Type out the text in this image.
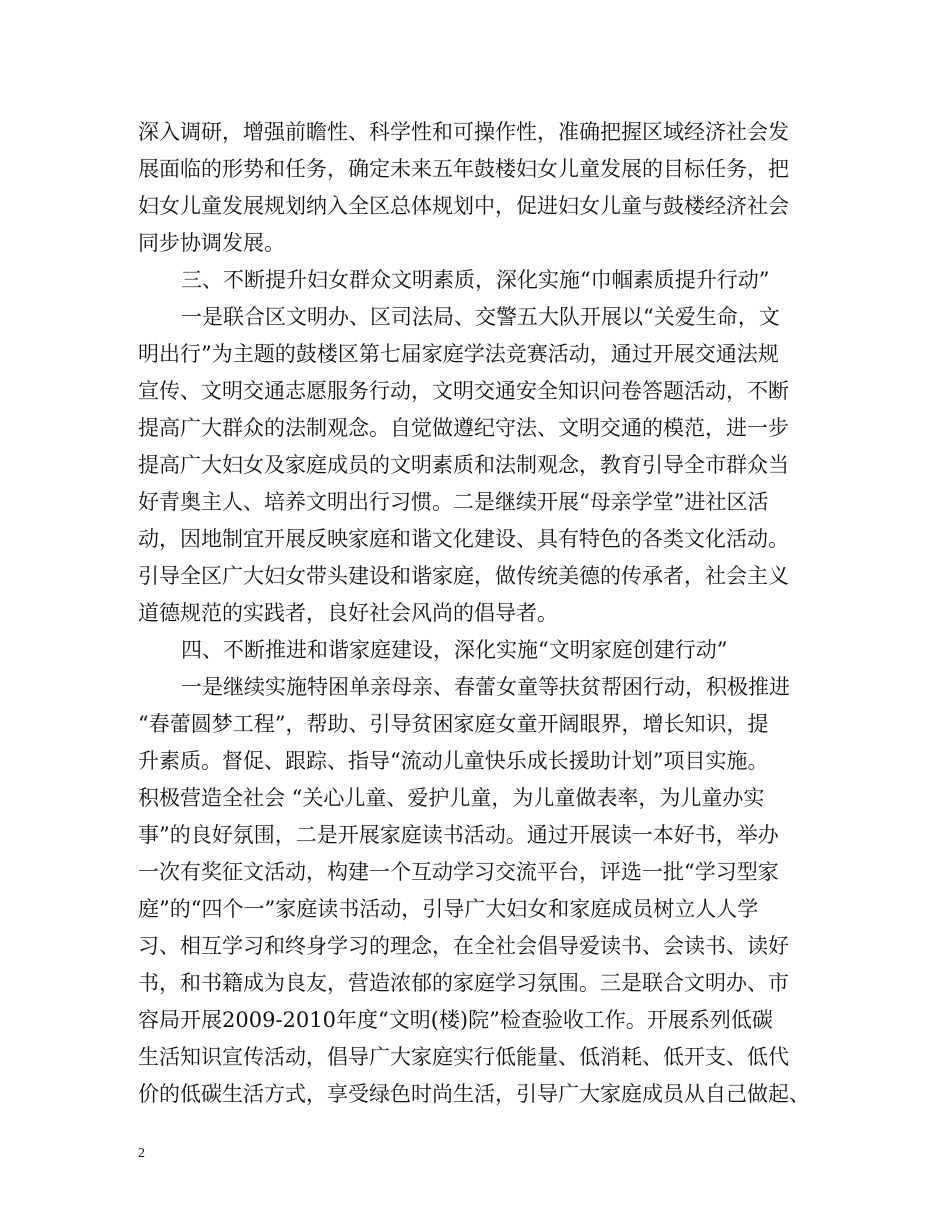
深入调研，增强前瞻性、科学性和可操作性，准确把握区域经济社会发
展面临的形势和任务，确定未来五年鼓楼妇女儿童发展的目标任务，把
妇女儿童发展规划纳入全区总体规划中，促进妇女儿童与鼓楼经济社会
同步协调发展。
三、不断提升妇女群众文明素质，深化实施“巾帼素质提升行动”
一是联合区文明办、区司法局、交警五大队开展以“关爱生命，文
明出行”为主题的鼓楼区第七届家庭学法竞赛活动，通过开展交通法规
宣传、文明交通志愿服务行动，文明交通安全知识问卷答题活动，不断
提高广大群众的法制观念。自觉做遵纪守法、文明交通的模范，进一步
提高广大妇女及家庭成员的文明素质和法制观念，教育引导全市群众当
好青奥主人、培养文明出行习惯。二是继续开展“母亲学堂”进社区活
动，因地制宜开展反映家庭和谐文化建设、具有特色的各类文化活动。
引导全区广大妇女带头建设和谐家庭，做传统美德的传承者，社会主义
道德规范的实践者，良好社会风尚的倡导者。
四、不断推进和谐家庭建设，深化实施“文明家庭创建行动”
一是继续实施特困单亲母亲、春蕾女童等扶贫帮困行动，积极推进
“春蕾圆梦工程”，帮助、引导贫困家庭女童开阔眼界，增长知识，提
升素质。督促、跟踪、指导“流动儿童快乐成长援助计划”项目实施。
积极营造全社会 “关心儿童、爱护儿童，为儿童做表率，为儿童办实
事”的良好氛围，二是开展家庭读书活动。通过开展读一本好书，举办
一次有奖征文活动，构建一个互动学习交流平台，评选一批“学习型家
庭”的“四个一”家庭读书活动，引导广大妇女和家庭成员树立人人学
习、相互学习和终身学习的理念，在全社会倡导爱读书、会读书、读好
书，和书籍成为良友，营造浓郁的家庭学习氛围。三是联合文明办、市
容局开展2009-2010年度“文明(楼)院”检查验收工作。开展系列低碳
生活知识宣传活动，倡导广大家庭实行低能量、低消耗、低开支、低代
价的低碳生活方式，享受绿色时尚生活，引导广大家庭成员从自己做起、
2
